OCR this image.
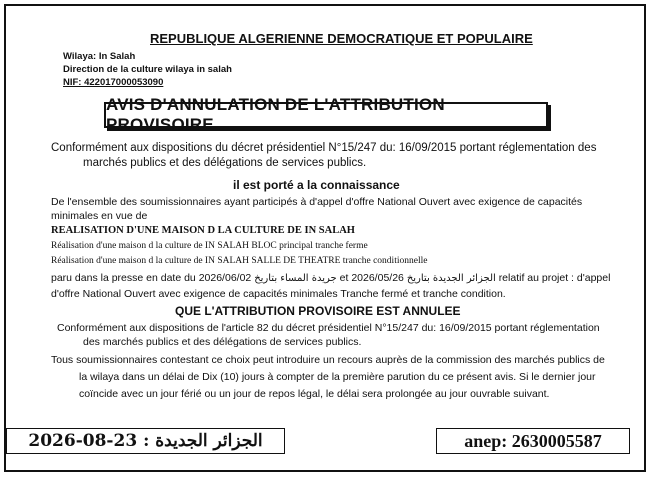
REPUBLIQUE ALGERIENNE DEMOCRATIQUE ET POPULAIRE
Wilaya: In Salah
Direction de la culture wilaya in salah
NIF: 422017000053090
AVIS D'ANNULATION DE L'ATTRIBUTION PROVISOIRE
Conformément aux dispositions du décret présidentiel N°15/247 du: 16/09/2015 portant réglementation des
marchés publics et des délégations de services publics.
il est porté a la connaissance
De l'ensemble des soumissionnaires ayant participés à d'appel d'offre National Ouvert avec exigence de capacités
minimales en vue de
REALISATION D'UNE MAISON D LA CULTURE DE IN SALAH
Réalisation d'une maison d la culture de IN SALAH BLOC principal tranche ferme
Réalisation d'une maison d la culture de IN SALAH SALLE DE THEATRE tranche conditionnelle
paru dans la presse en date du 2026/06/02 جريدة المساء بتاريخ et 2026/05/26 الجزائر الجديدة بتاريخ relatif au projet : d'appel
d'offre National Ouvert avec exigence de capacités minimales Tranche fermé et tranche condition.
QUE L'ATTRIBUTION PROVISOIRE EST ANNULEE
Conformément aux dispositions de l'article 82 du décret présidentiel N°15/247 du: 16/09/2015 portant réglementation
des marchés publics et des délégations de services publics.
Tous soumissionnaires contestant ce choix peut introduire un recours auprès de la commission des marchés publics de
la wilaya dans un délai de Dix (10) jours à compter de la première parution du ce présent avis. Si le dernier jour
coïncide avec un jour férié ou un jour de repos légal, le délai sera prolongée au jour ouvrable suivant.
الجزائر الجديدة : 23-08-2026	anep: 2630005587
